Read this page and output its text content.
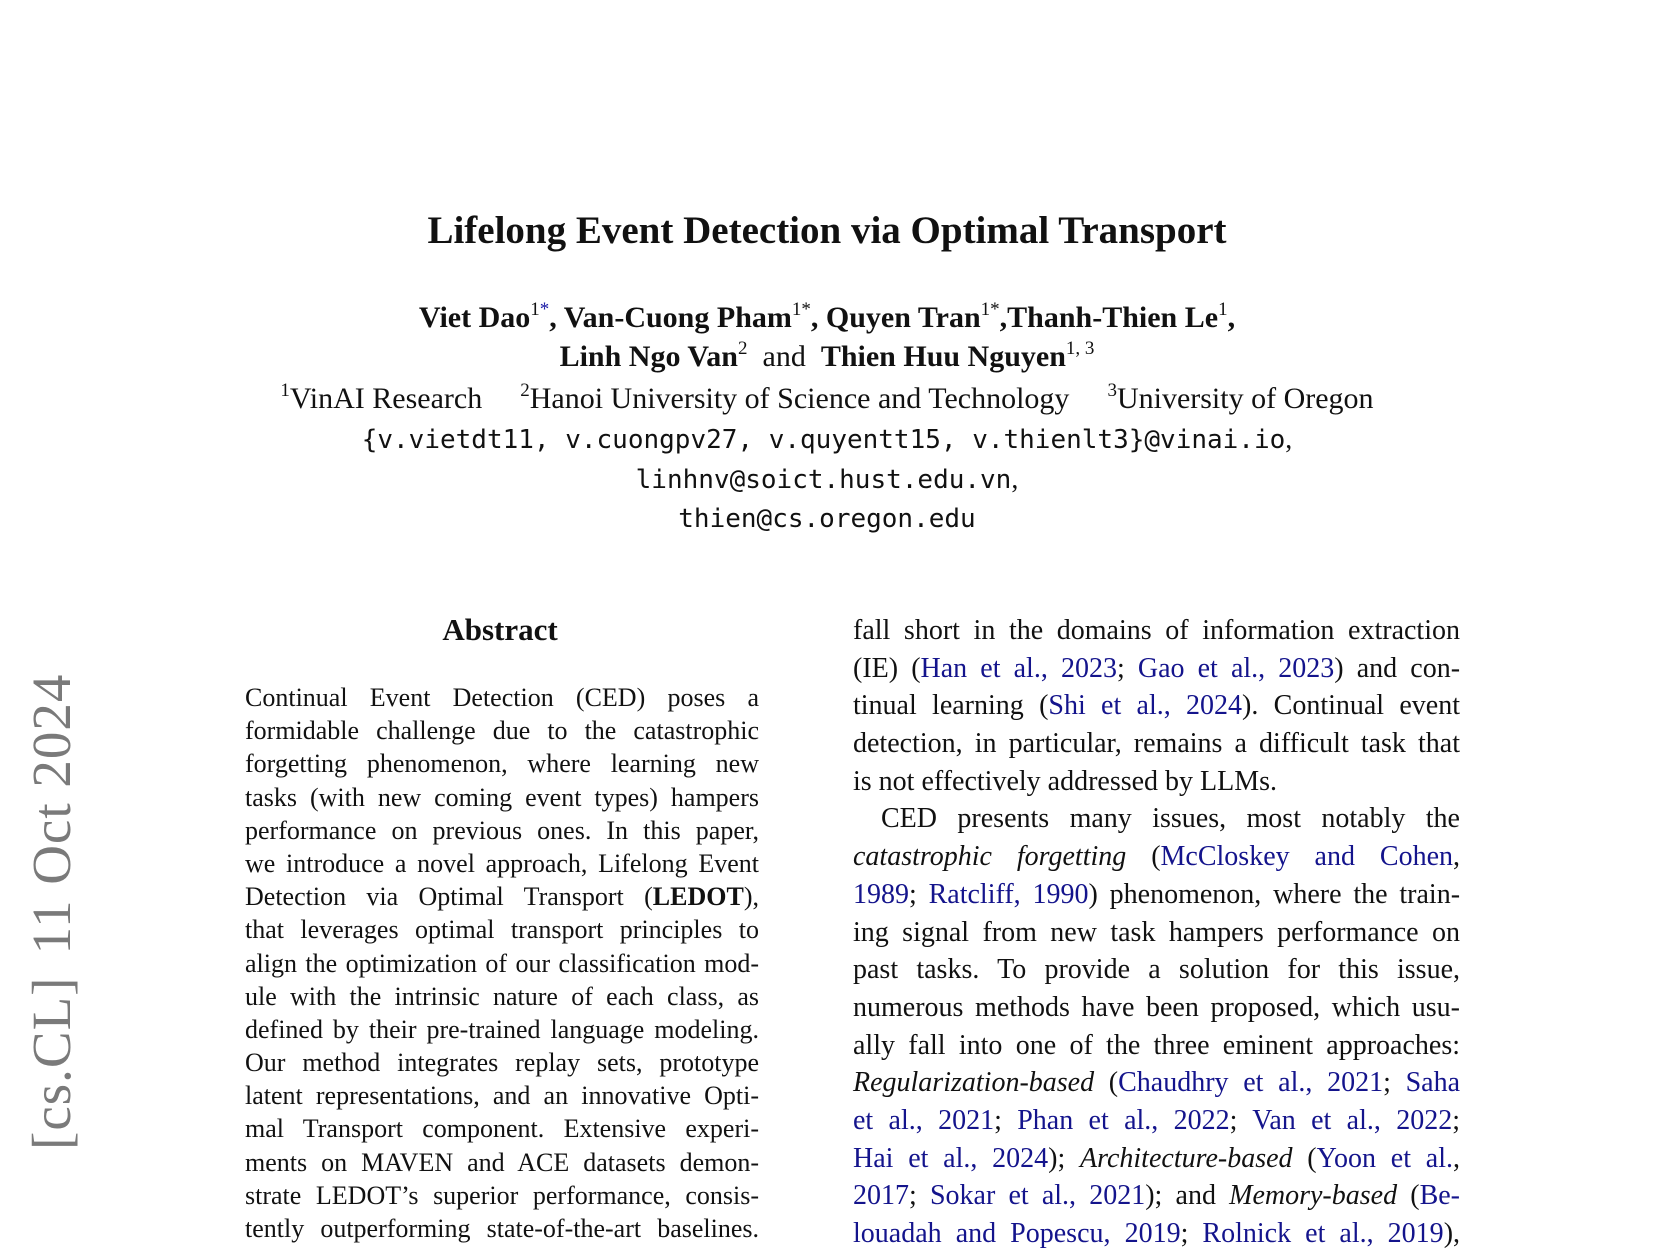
[cs.CL]11 Oct 2024
Lifelong Event Detection via Optimal Transport
Viet Dao$^{1*}$, Van-Cuong Pham$^{1*}$, Quyen Tran$^{1*}$,Thanh-Thien Le$^1$,
Linh Ngo Van$^2$ and Thien Huu Nguyen$^{1, 3}$
$^1$VinAI Research $^2$Hanoi University of Science and Technology $^3$University of Oregon
{v.vietdt11, v.cuongpv27, v.quyentt15, v.thienlt3}@vinai.io,
linhnv@soict.hust.edu.vn,
thien@cs.oregon.edu
Abstract
Continual Event Detection (CED) poses a
formidable challenge due to the catastrophic
forgetting phenomenon, where learning new
tasks (with new coming event types) hampers
performance on previous ones. In this paper,
we introduce a novel approach, Lifelong Event
Detection via Optimal Transport (LEDOT),
that leverages optimal transport principles to
align the optimization of our classification mod-
ule with the intrinsic nature of each class, as
defined by their pre-trained language modeling.
Our method integrates replay sets, prototype
latent representations, and an innovative Opti-
mal Transport component. Extensive experi-
ments on MAVEN and ACE datasets demon-
strate LEDOT’s superior performance, consis-
tently outperforming state-of-the-art baselines.
fall short in the domains of information extraction
(IE) (Han et al., 2023; Gao et al., 2023) and con-
tinual learning (Shi et al., 2024). Continual event
detection, in particular, remains a difficult task that
is not effectively addressed by LLMs.
CED presents many issues, most notably the
catastrophic forgetting (McCloskey and Cohen,
1989; Ratcliff, 1990) phenomenon, where the train-
ing signal from new task hampers performance on
past tasks. To provide a solution for this issue,
numerous methods have been proposed, which usu-
ally fall into one of the three eminent approaches:
Regularization-based (Chaudhry et al., 2021; Saha
et al., 2021; Phan et al., 2022; Van et al., 2022;
Hai et al., 2024); Architecture-based (Yoon et al.,
2017; Sokar et al., 2021); and Memory-based (Be-
louadah and Popescu, 2019; Rolnick et al., 2019),
